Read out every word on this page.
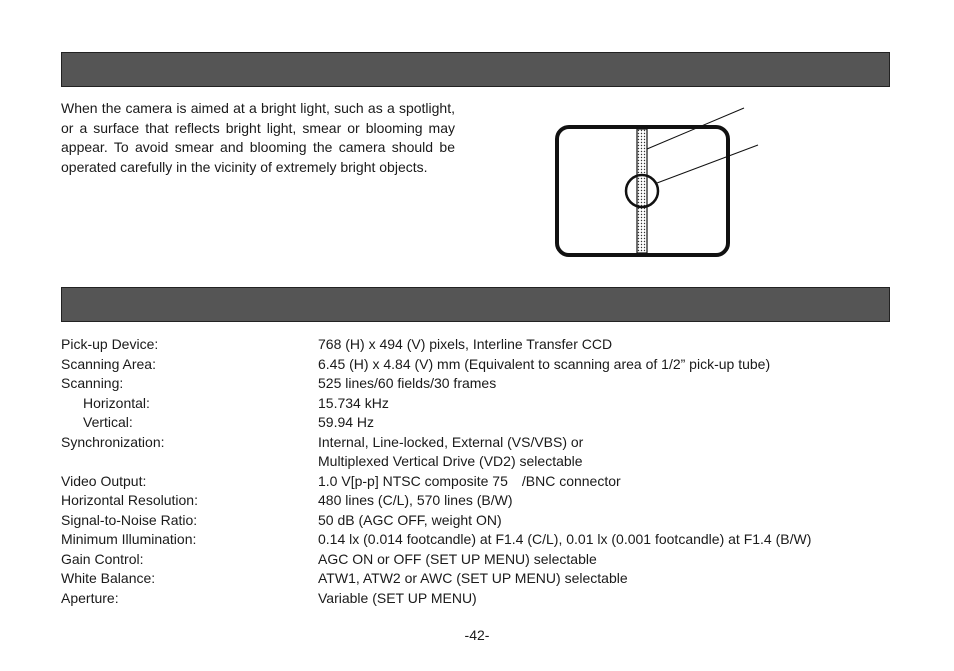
When the camera is aimed at a bright light, such as a spotlight, or a surface that reflects bright light, smear or blooming may appear. To avoid smear and blooming the camera should be operated carefully in the vicinity of extremely bright objects.

Pick-up Device:	768 (H) x 494 (V) pixels, Interline Transfer CCD
Scanning Area:	6.45 (H) x 4.84 (V) mm (Equivalent to scanning area of 1/2” pick-up tube)
Scanning:	525 lines/60 fields/30 frames
Horizontal:	15.734 kHz
Vertical:	59.94 Hz
Synchronization:	Internal, Line-locked, External (VS/VBS) or
Multiplexed Vertical Drive (VD2) selectable
Video Output:	1.0 V[p-p] NTSC composite 75 /BNC connector
Horizontal Resolution:	480 lines (C/L), 570 lines (B/W)
Signal-to-Noise Ratio:	50 dB (AGC OFF, weight ON)
Minimum Illumination:	0.14 lx (0.014 footcandle) at F1.4 (C/L), 0.01 lx (0.001 footcandle) at F1.4 (B/W)
Gain Control:	AGC ON or OFF (SET UP MENU) selectable
White Balance:	ATW1, ATW2 or AWC (SET UP MENU) selectable
Aperture:	Variable (SET UP MENU)
-42-
